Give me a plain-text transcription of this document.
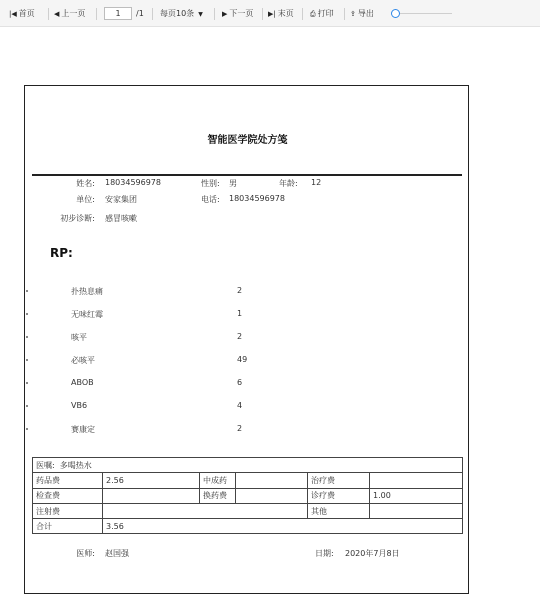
|◀ 首页	◀ 上一页
1	/1 每页10条 ▼	▶ 下一页 ▶| 末页 ⎙ 打印 ⇪ 导出
智能医学院处方笺
姓名: 18034596978	性别: 男	年龄: 12
单位: 安家集团	电话: 18034596978
初步诊断: 感冒咳嗽
RP:
扑热息痛	2
无味红霉	1
咳平	2
必咳平	49
ABOB	6
VB6	4
赛康定	2
医嘱: 多喝热水					
药品费	2.56	中成药		治疗费	
检查费		换药费		诊疗费	1.00
注射费				其他	
合计	3.56				
医师: 赵国强	日期: 2020年7月8日
